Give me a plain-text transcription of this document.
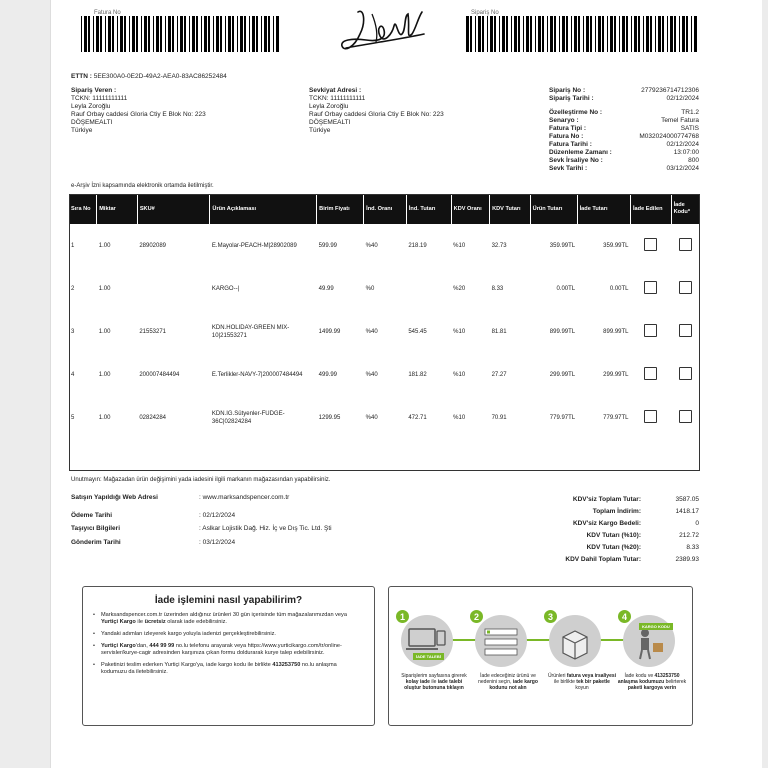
Fatura No	Sipariş No
ETTN : 5EE300A0-0E2D-49A2-AEA0-83AC86252484
Sipariş Veren :
TCKN: 11111111111
Leyla Zoroğlu
Rauf Orbay caddesi Gloria Ctiy E Blok No: 223
DÖŞEMEALTI
Türkiye
Sevkiyat Adresi :
TCKN: 11111111111
Leyla Zoroğlu
Rauf Orbay caddesi Gloria Ctiy E Blok No: 223
DÖŞEMEALTI
Türkiye
Sipariş No :	2779236714712306
Sipariş Tarihi :	02/12/2024
Özelleştirme No :	TR1.2
Senaryo :	Temel Fatura
Fatura Tipi :	SATIS
Fatura No :	M032024000774768
Fatura Tarihi :	02/12/2024
Düzenleme Zamanı :	13:07:00
Sevk İrsaliye No :	800
Sevk Tarihi :	03/12/2024
e-Arşiv İzni kapsamında elektronik ortamda iletilmiştir.
Sıra No	Miktar	SKU#	Ürün Açıklaması	Birim Fiyatı	İnd. Oranı	İnd. Tutarı	KDV Oranı	KDV Tutarı	Ürün Tutarı	İade Tutarı	İade Edilen	İade Kodu*
1	1.00	28902089	E.Mayolar-PEACH-M|28902089	599.99	%40	218.19	%10	32.73	359.99TL	359.99TL		
2	1.00		KARGO--|	49.99	%0		%20	8.33	0.00TL	0.00TL		
3	1.00	21553271	KDN.HOLIDAY-GREEN MIX-10|21553271	1499.99	%40	545.45	%10	81.81	899.99TL	899.99TL		
4	1.00	200007484494	E.Terlikler-NAVY-7|200007484494	499.99	%40	181.82	%10	27.27	299.99TL	299.99TL		
5	1.00	02824284	KDN.IG.Sütyenler-FUDGE-36C|02824284	1299.95	%40	472.71	%10	70.91	779.97TL	779.97TL		
Unutmayın: Mağazadan ürün değişimini yada iadesini ilgili markanın mağazasından yapabilirsiniz.
Satışın Yapıldığı Web Adresi	: www.marksandspencer.com.tr
Ödeme Tarihi	: 02/12/2024
Taşıyıcı Bilgileri	: Aslkar Lojistik Dağ. Hiz. İç ve Dış Tic. Ltd. Şti
Gönderim Tarihi	: 03/12/2024
KDV'siz Toplam Tutar:	3587.05
Toplam İndirim:	1418.17
KDV'siz Kargo Bedeli:	0
KDV Tutarı (%10):	212.72
KDV Tutarı (%20):	8.33
KDV Dahil Toplam Tutar:	2389.93
İade işlemini nasıl yapabilirim?
• Marksandspencer.com.tr üzerinden aldığınız ürünleri 30 gün içerisinde tüm mağazalarımızdan veya Yurtiçi Kargo ile ücretsiz olarak iade edebilirsiniz.
• Yandaki adımları izleyerek kargo yoluyla iadenizi gerçekleştirebilirsiniz.
• Yurtiçi Kargo'dan, 444 99 99 no.lu telefonu arayarak veya https://www.yurticikargo.com/tr/online-servisler/kurye-cagir adresinden karşınıza çıkan formu doldurarak kurye talep edebilirsiniz.
• Paketinizi teslim ederken Yurtiçi Kargo'ya, iade kargo kodu ile birlikte 413253750 no.lu anlaşma kodumuzu da iletebilirsiniz.
İADE TALEBİ
1	2	3
KARGO KODU
4
Siparişlerim sayfasına girerek kolay iade ile iade talebi oluştur butonuna tıklayın
İade edeceğiniz ürünü ve nedenini seçin, iade kargo kodunu not alın
Ürünleri fatura veya irsaliyesi ile birlikte tek bir paketle koyun
İade kodu ve 413253750 anlaşma kodumuzu belirterek paketi kargoya verin
